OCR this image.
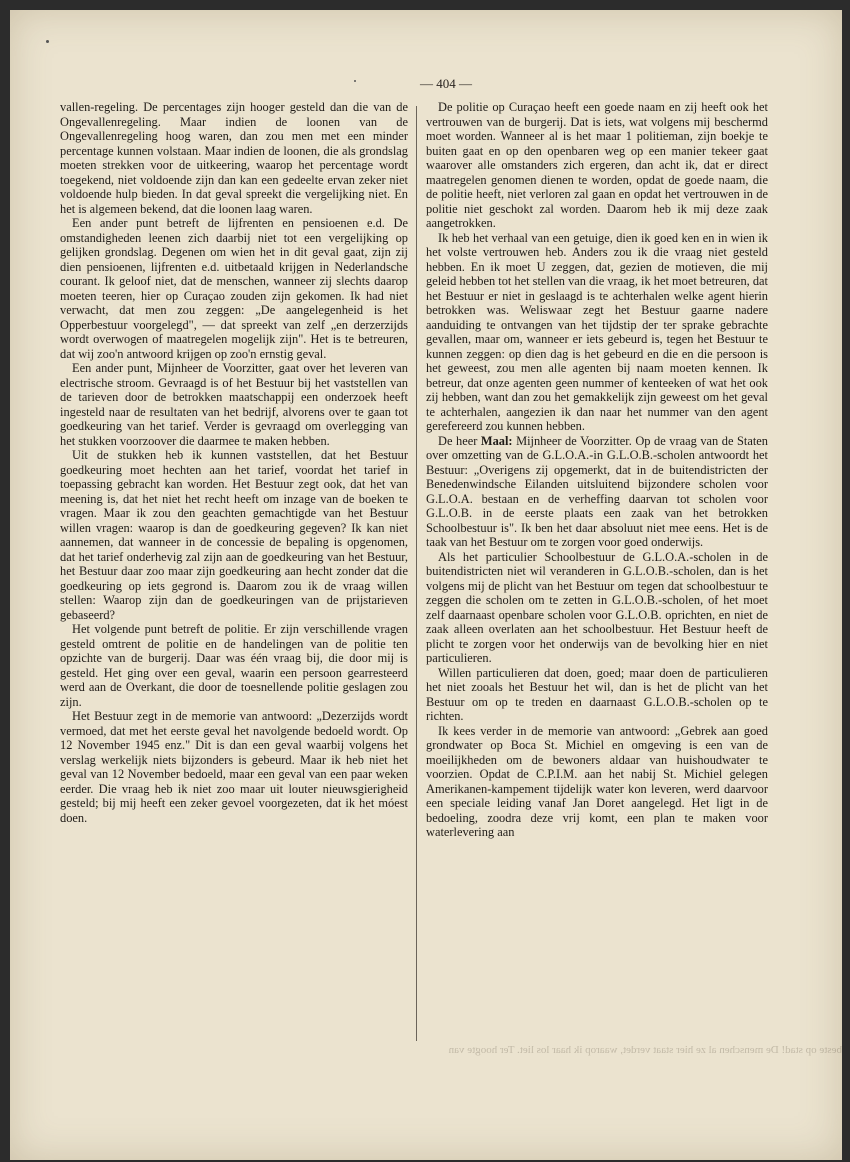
— 404 —

vallen-regeling. De percentages zijn hooger gesteld dan die van de Ongevallenregeling. Maar indien de loonen van de Ongevallenregeling hoog waren, dan zou men met een minder percentage kunnen volstaan. Maar indien de loonen, die als grondslag moeten strekken voor de uitkeering, waarop het percentage wordt toegekend, niet voldoende zijn dan kan een gedeelte ervan zeker niet voldoende hulp bieden. In dat geval spreekt die vergelijking niet. En het is algemeen bekend, dat die loonen laag waren.

Een ander punt betreft de lijfrenten en pensioenen e.d. De omstandigheden leenen zich daarbij niet tot een vergelijking op gelijken grondslag. Degenen om wien het in dit geval gaat, zijn zij dien pensioenen, lijfrenten e.d. uitbetaald krijgen in Nederlandsche courant. Ik geloof niet, dat de menschen, wanneer zij slechts daarop moeten teeren, hier op Curaçao zouden zijn gekomen. Ik had niet verwacht, dat men zou zeggen: „De aangelegenheid is het Opperbestuur voorgelegd", — dat spreekt van zelf „en derzerzijds wordt overwogen of maatregelen mogelijk zijn". Het is te betreuren, dat wij zoo'n antwoord krijgen op zoo'n ernstig geval.

Een ander punt, Mijnheer de Voorzitter, gaat over het leveren van electrische stroom. Gevraagd is of het Bestuur bij het vaststellen van de tarieven door de betrokken maatschappij een onderzoek heeft ingesteld naar de resultaten van het bedrijf, alvorens over te gaan tot goedkeuring van het tarief. Verder is gevraagd om overlegging van het stukken voorzoover die daarmee te maken hebben.

Uit de stukken heb ik kunnen vaststellen, dat het Bestuur goedkeuring moet hechten aan het tarief, voordat het tarief in toepassing gebracht kan worden. Het Bestuur zegt ook, dat het van meening is, dat het niet het recht heeft om inzage van de boeken te vragen. Maar ik zou den geachten gemachtigde van het Bestuur willen vragen: waarop is dan de goedkeuring gegeven? Ik kan niet aannemen, dat wanneer in de concessie de bepaling is opgenomen, dat het tarief onderhevig zal zijn aan de goedkeuring van het Bestuur, het Bestuur daar zoo maar zijn goedkeuring aan hecht zonder dat die goedkeuring op iets gegrond is. Daarom zou ik de vraag willen stellen: Waarop zijn dan de goedkeuringen van de prijstarieven gebaseerd?

Het volgende punt betreft de politie. Er zijn verschillende vragen gesteld omtrent de politie en de handelingen van de politie ten opzichte van de burgerij. Daar was één vraag bij, die door mij is gesteld. Het ging over een geval, waarin een persoon gearresteerd werd aan de Overkant, die door de toesnellende politie geslagen zou zijn.

Het Bestuur zegt in de memorie van antwoord: „Dezerzijds wordt vermoed, dat met het eerste geval het navolgende bedoeld wordt. Op 12 November 1945 enz." Dit is dan een geval waarbij volgens het verslag werkelijk niets bijzonders is gebeurd. Maar ik heb niet het geval van 12 November bedoeld, maar een geval van een paar weken eerder. Die vraag heb ik niet zoo maar uit louter nieuwsgierigheid gesteld; bij mij heeft een zeker gevoel voorgezeten, dat ik het móest doen.

De politie op Curaçao heeft een goede naam en zij heeft ook het vertrouwen van de burgerij. Dat is iets, wat volgens mij beschermd moet worden. Wanneer al is het maar 1 politieman, zijn boekje te buiten gaat en op den openbaren weg op een manier tekeer gaat waarover alle omstanders zich ergeren, dan acht ik, dat er direct maatregelen genomen dienen te worden, opdat de goede naam, die de politie heeft, niet verloren zal gaan en opdat het vertrouwen in de politie niet geschokt zal worden. Daarom heb ik mij deze zaak aangetrokken.

Ik heb het verhaal van een getuige, dien ik goed ken en in wien ik het volste vertrouwen heb. Anders zou ik die vraag niet gesteld hebben. En ik moet U zeggen, dat, gezien de motieven, die mij geleid hebben tot het stellen van die vraag, ik het moet betreuren, dat het Bestuur er niet in geslaagd is te achterhalen welke agent hierin betrokken was. Weliswaar zegt het Bestuur gaarne nadere aanduiding te ontvangen van het tijdstip der ter sprake gebrachte gevallen, maar om, wanneer er iets gebeurd is, tegen het Bestuur te kunnen zeggen: op dien dag is het gebeurd en die en die persoon is het geweest, zou men alle agenten bij naam moeten kennen. Ik betreur, dat onze agenten geen nummer of kenteeken of wat het ook zij hebben, want dan zou het gemakkelijk zijn geweest om het geval te achterhalen, aangezien ik dan naar het nummer van den agent gerefereerd zou kunnen hebben.

De heer Maal: Mijnheer de Voorzitter. Op de vraag van de Staten over omzetting van de G.L.O.A.-in G.L.O.B.-scholen antwoordt het Bestuur: „Overigens zij opgemerkt, dat in de buitendistricten der Benedenwindsche Eilanden uitsluitend bijzondere scholen voor G.L.O.A. bestaan en de verheffing daarvan tot scholen voor G.L.O.B. in de eerste plaats een zaak van het betrokken Schoolbestuur is". Ik ben het daar absoluut niet mee eens. Het is de taak van het Bestuur om te zorgen voor goed onderwijs.

Als het particulier Schoolbestuur de G.L.O.A.-scholen in de buitendistricten niet wil veranderen in G.L.O.B.-scholen, dan is het volgens mij de plicht van het Bestuur om tegen dat schoolbestuur te zeggen die scholen om te zetten in G.L.O.B.-scholen, of het moet zelf daarnaast openbare scholen voor G.L.O.B. oprichten, en niet de zaak alleen overlaten aan het schoolbestuur. Het Bestuur heeft de plicht te zorgen voor het onderwijs van de bevolking hier en niet particulieren.

Willen particulieren dat doen, goed; maar doen de particulieren het niet zooals het Bestuur het wil, dan is het de plicht van het Bestuur om op te treden en daarnaast G.L.O.B.-scholen op te richten.

Ik kees verder in de memorie van antwoord: „Gebrek aan goed grondwater op Boca St. Michiel en omgeving is een van de moeilijkheden om de bewoners aldaar van huishoudwater te voorzien. Opdat de C.P.I.M. aan het nabij St. Michiel gelegen Amerikanen-kampement tijdelijk water kon leveren, werd daarvoor een speciale leiding vanaf Jan Doret aangelegd. Het ligt in de bedoeling, zoodra deze vrij komt, een plan te maken voor waterlevering aan

beste op stad! De menschen al ze hier staat verdet, waarop ik haar los liet. Ter hoogte van
